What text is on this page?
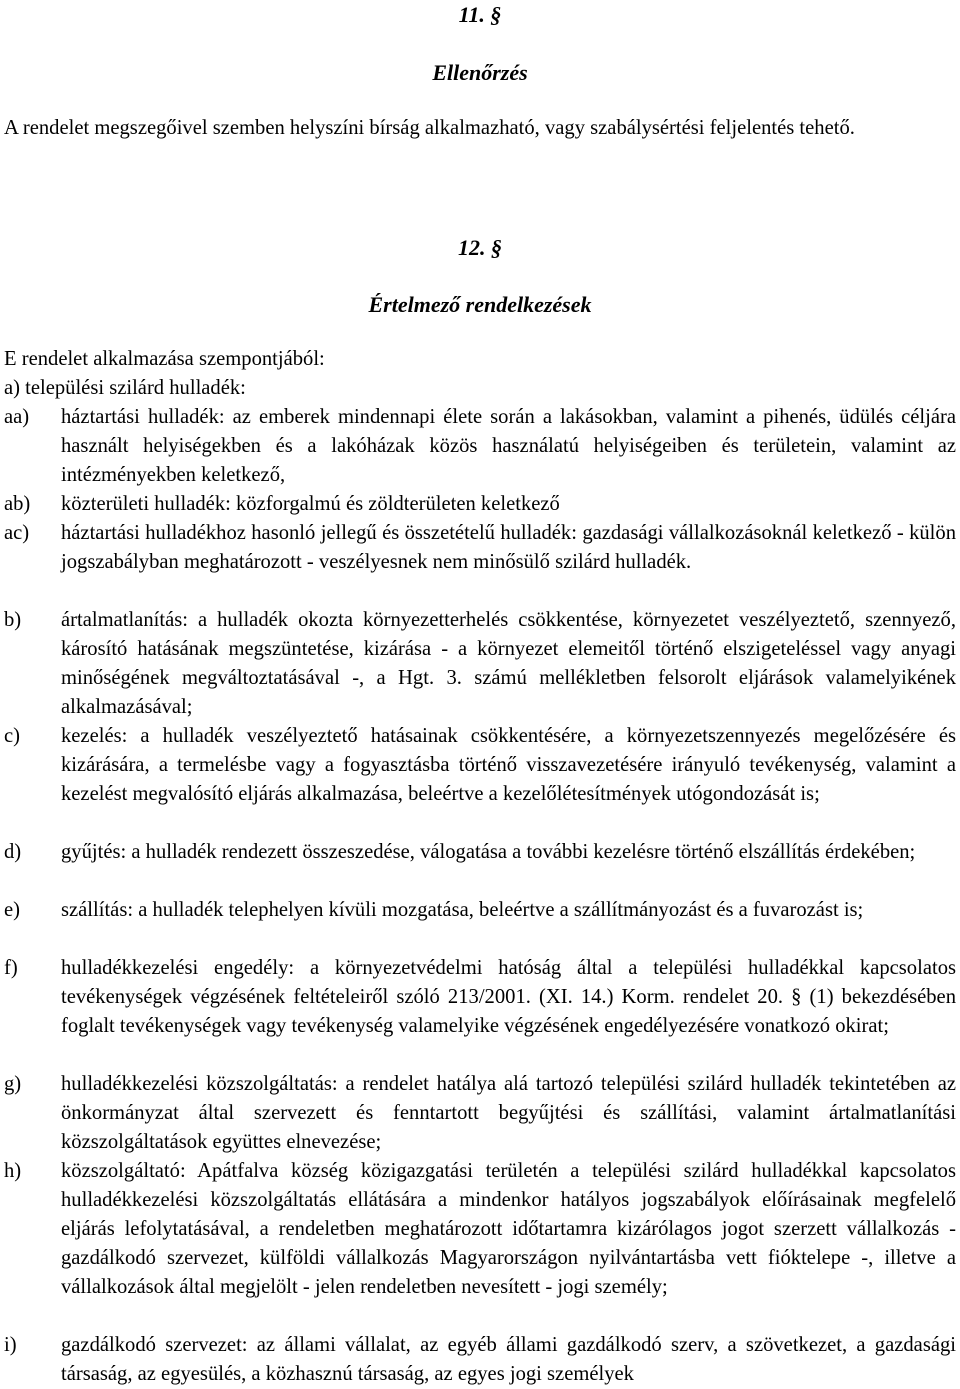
11. §
Ellenőrzés
A rendelet megszegőivel szemben helyszíni bírság alkalmazható, vagy szabálysértési feljelentés tehető.
12. §
Értelmező rendelkezések
E rendelet alkalmazása szempontjából:
a) települési szilárd hulladék:
aa)	háztartási hulladék: az emberek mindennapi élete során a lakásokban, valamint a pihenés, üdülés céljára használt helyiségekben és a lakóházak közös használatú helyiségeiben és területein, valamint az intézményekben keletkező,
ab)	közterületi hulladék: közforgalmú és zöldterületen keletkező
ac)	háztartási hulladékhoz hasonló jellegű és összetételű hulladék: gazdasági vállalkozásoknál keletkező - külön jogszabályban meghatározott - veszélyesnek nem minősülő szilárd hulladék.
b)	ártalmatlanítás: a hulladék okozta környezetterhelés csökkentése, környezetet veszélyeztető, szennyező, károsító hatásának megszüntetése, kizárása - a környezet elemeitől történő elszigeteléssel vagy anyagi minőségének megváltoztatásával -, a Hgt. 3. számú mellékletben felsorolt eljárások valamelyikének alkalmazásával;
c)	kezelés: a hulladék veszélyeztető hatásainak csökkentésére, a környezetszennyezés megelőzésére és kizárására, a termelésbe vagy a fogyasztásba történő visszavezetésére irányuló tevékenység, valamint a kezelést megvalósító eljárás alkalmazása, beleértve a kezelőlétesítmények utógondozását is;
d)	gyűjtés: a hulladék rendezett összeszedése, válogatása a további kezelésre történő elszállítás érdekében;
e)	szállítás: a hulladék telephelyen kívüli mozgatása, beleértve a szállítmányozást és a fuvarozást is;
f)	hulladékkezelési engedély: a környezetvédelmi hatóság által a települési hulladékkal kapcsolatos tevékenységek végzésének feltételeiről szóló 213/2001. (XI. 14.) Korm. rendelet 20. § (1) bekezdésében foglalt tevékenységek vagy tevékenység valamelyike végzésének engedélyezésére vonatkozó okirat;
g)	hulladékkezelési közszolgáltatás: a rendelet hatálya alá tartozó települési szilárd hulladék tekintetében az önkormányzat által szervezett és fenntartott begyűjtési és szállítási, valamint ártalmatlanítási közszolgáltatások együttes elnevezése;
h)	közszolgáltató: Apátfalva község közigazgatási területén a települési szilárd hulladékkal kapcsolatos hulladékkezelési közszolgáltatás ellátására a mindenkor hatályos jogszabályok előírásainak megfelelő eljárás lefolytatásával, a rendeletben meghatározott időtartamra kizárólagos jogot szerzett vállalkozás - gazdálkodó szervezet, külföldi vállalkozás Magyarországon nyilvántartásba vett fióktelepe -, illetve a vállalkozások által megjelölt - jelen rendeletben nevesített - jogi személy;
i)	gazdálkodó szervezet: az állami vállalat, az egyéb állami gazdálkodó szerv, a szövetkezet, a gazdasági társaság, az egyesülés, a közhasznú társaság, az egyes jogi személyek
